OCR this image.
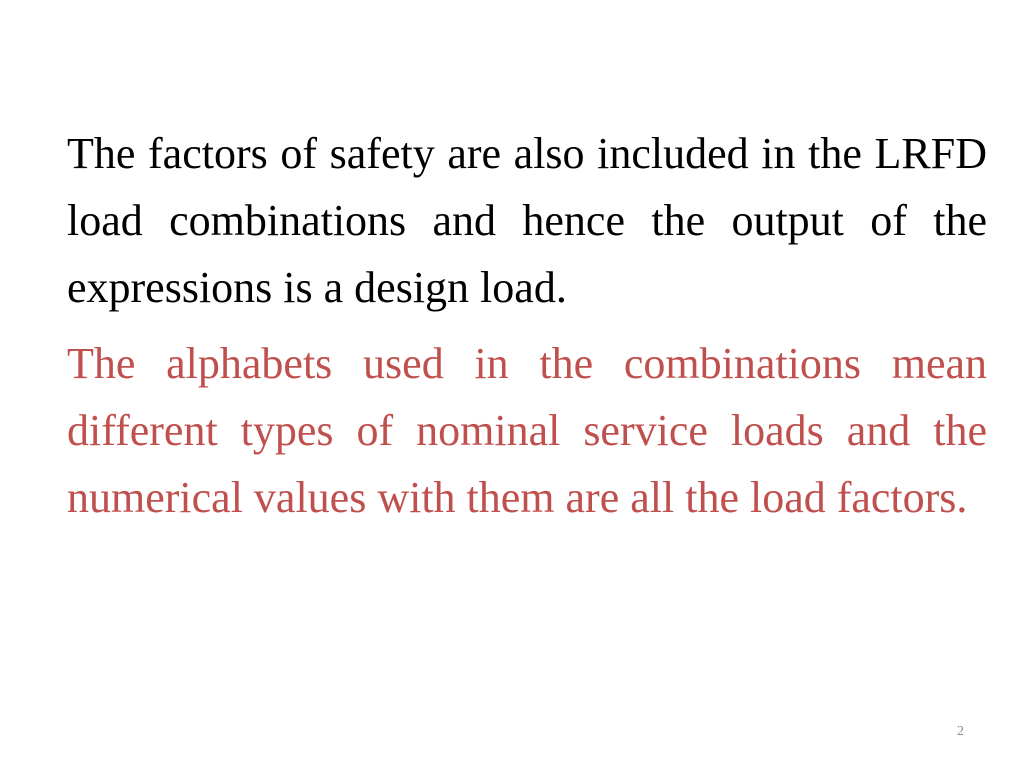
The factors of safety are also included in the LRFD load combinations and hence the output of the expressions is a design load.

The alphabets used in the combinations mean different types of nominal service loads and the numerical values with them are all the load factors.

2
